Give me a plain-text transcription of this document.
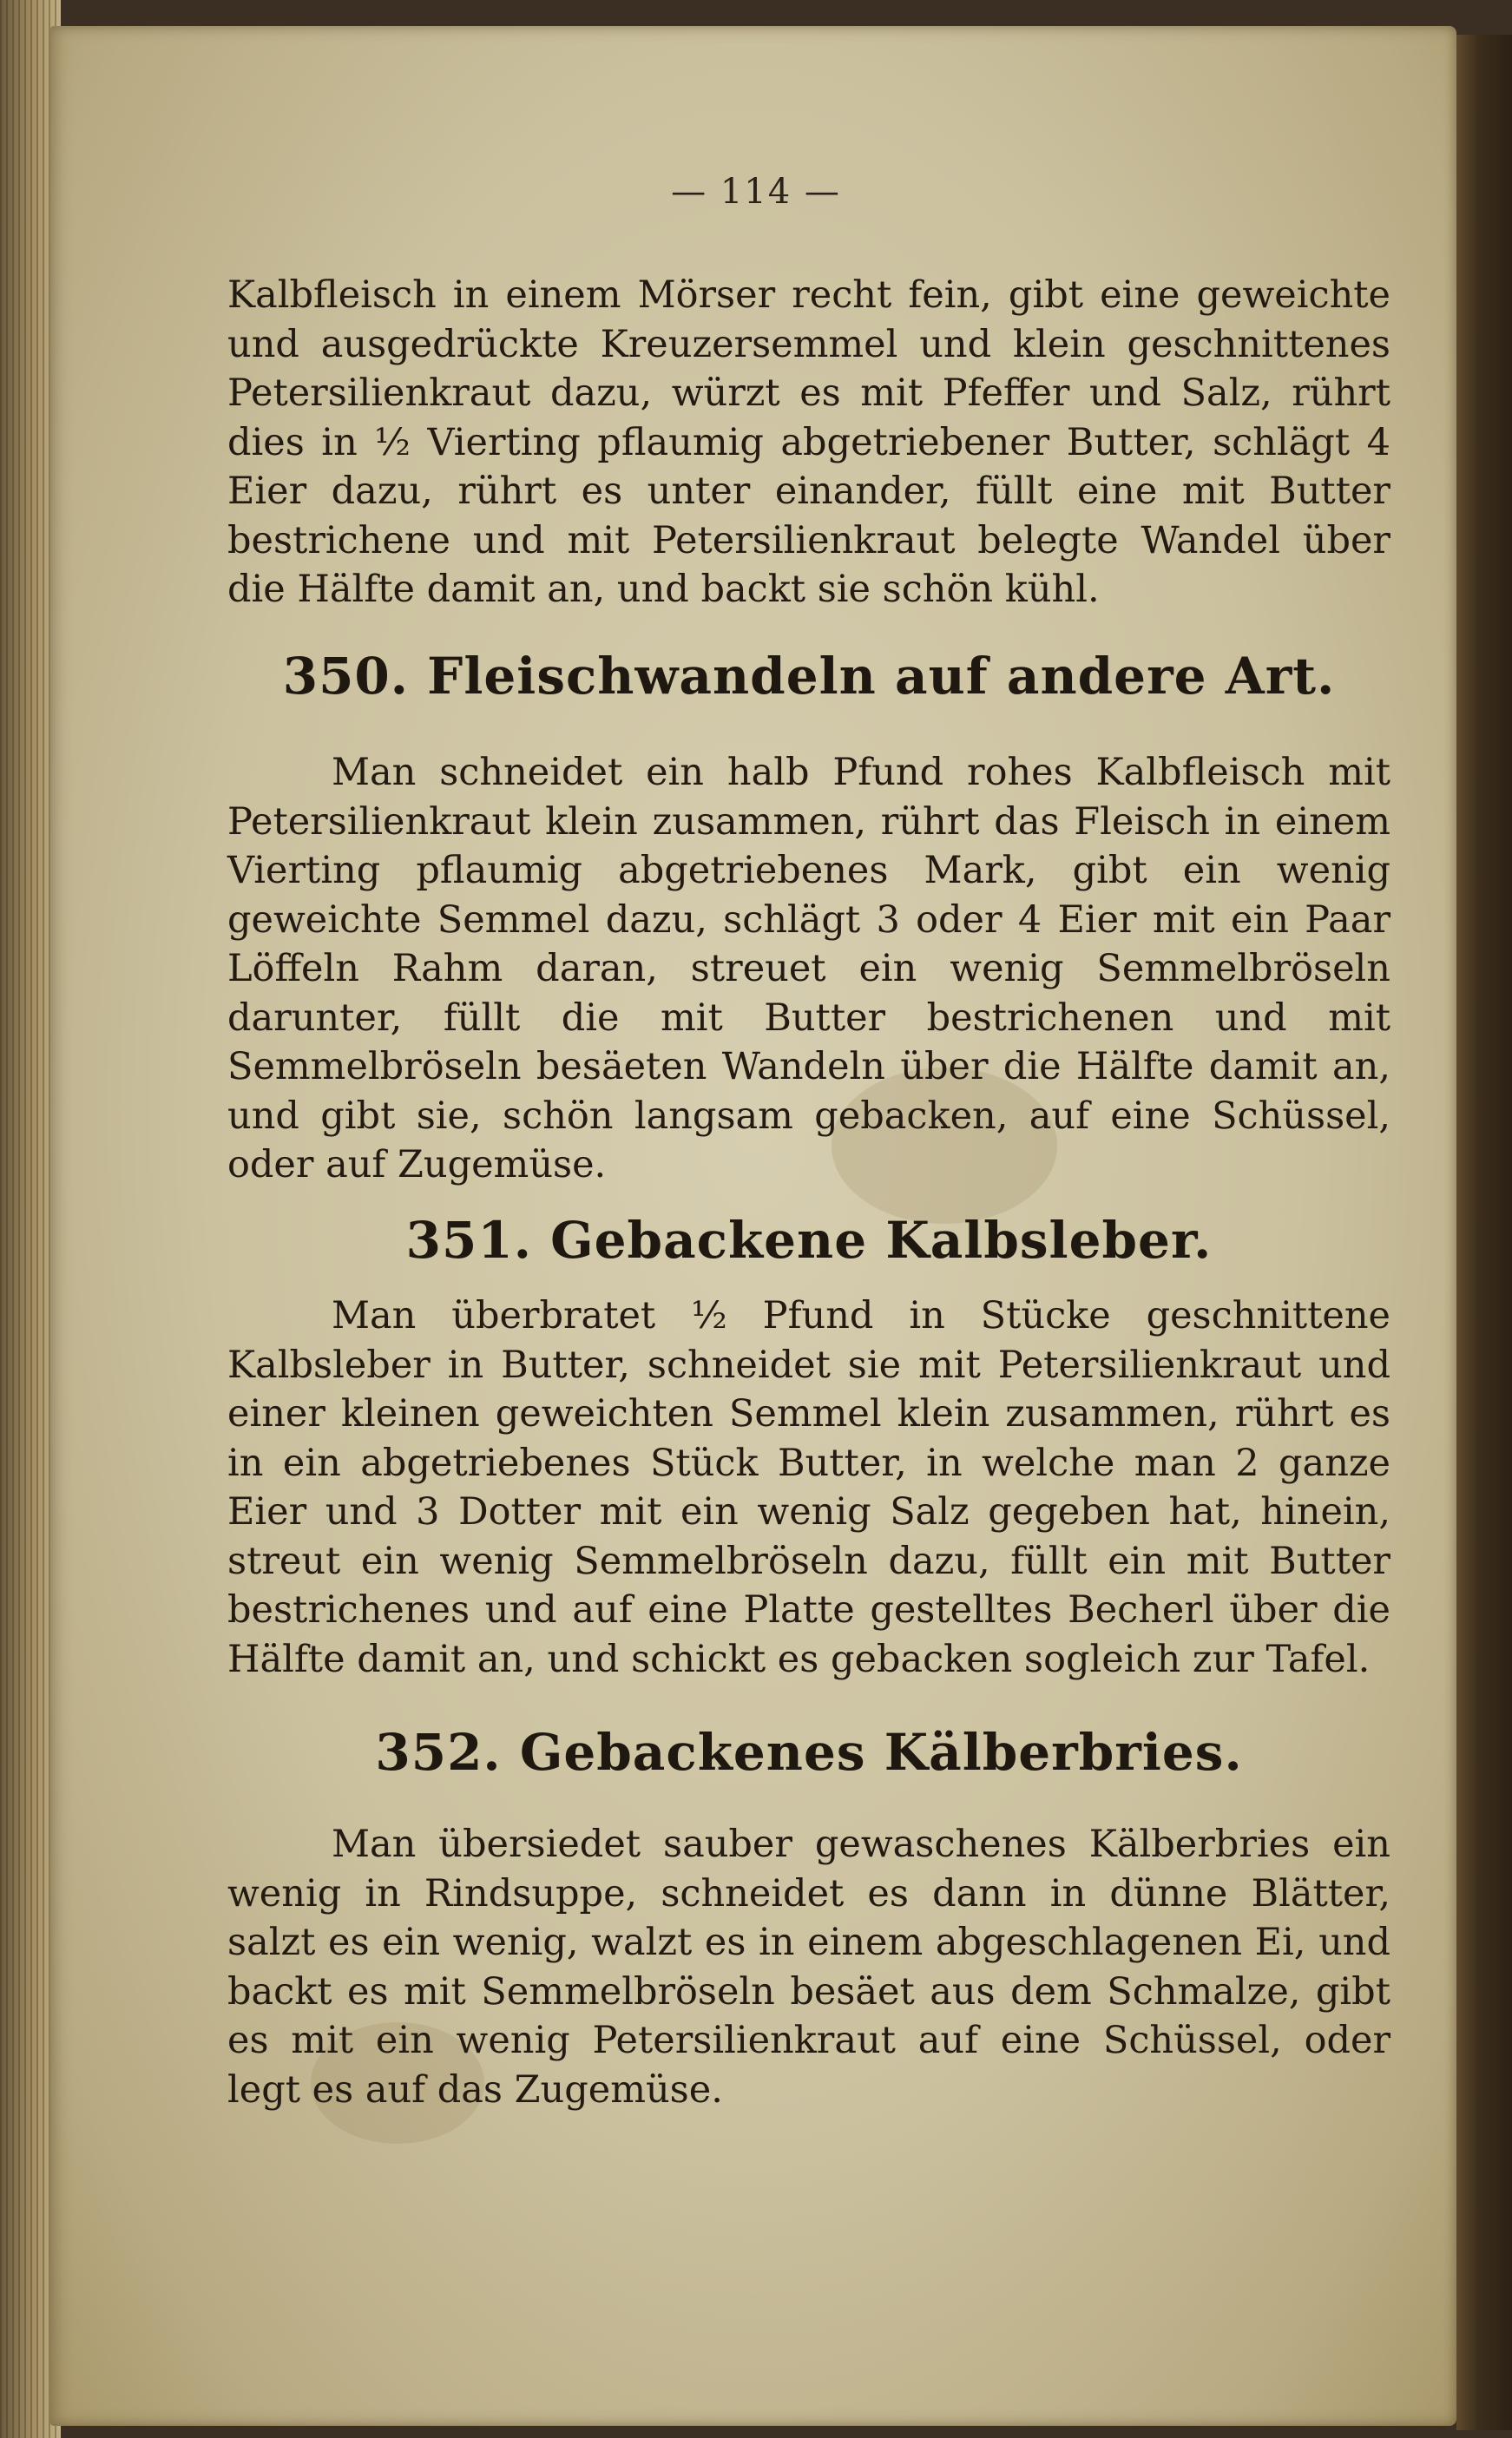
— 114 —

Kalbfleisch in einem Mörser recht fein, gibt eine geweichte und ausgedrückte Kreuzersemmel und klein geschnittenes Petersilienkraut dazu, würzt es mit Pfeffer und Salz, rührt dies in ½ Vierting pflaumig abgetriebener Butter, schlägt 4 Eier dazu, rührt es unter einander, füllt eine mit Butter bestrichene und mit Petersilienkraut belegte Wandel über die Hälfte damit an, und backt sie schön kühl.

350. Fleischwandeln auf andere Art.

Man schneidet ein halb Pfund rohes Kalbfleisch mit Petersilienkraut klein zusammen, rührt das Fleisch in einem Vierting pflaumig abgetriebenes Mark, gibt ein wenig geweichte Semmel dazu, schlägt 3 oder 4 Eier mit ein Paar Löffeln Rahm daran, streuet ein wenig Semmelbröseln darunter, füllt die mit Butter bestrichenen und mit Semmelbröseln besäeten Wandeln über die Hälfte damit an, und gibt sie, schön langsam gebacken, auf eine Schüssel, oder auf Zugemüse.

351. Gebackene Kalbsleber.

Man überbratet ½ Pfund in Stücke geschnittene Kalbsleber in Butter, schneidet sie mit Petersilienkraut und einer kleinen geweichten Semmel klein zusammen, rührt es in ein abgetriebenes Stück Butter, in welche man 2 ganze Eier und 3 Dotter mit ein wenig Salz gegeben hat, hinein, streut ein wenig Semmelbröseln dazu, füllt ein mit Butter bestrichenes und auf eine Platte gestelltes Becherl über die Hälfte damit an, und schickt es gebacken sogleich zur Tafel.

352. Gebackenes Kälberbries.

Man übersiedet sauber gewaschenes Kälberbries ein wenig in Rindsuppe, schneidet es dann in dünne Blätter, salzt es ein wenig, walzt es in einem abgeschlagenen Ei, und backt es mit Semmelbröseln besäet aus dem Schmalze, gibt es mit ein wenig Petersilienkraut auf eine Schüssel, oder legt es auf das Zugemüse.
